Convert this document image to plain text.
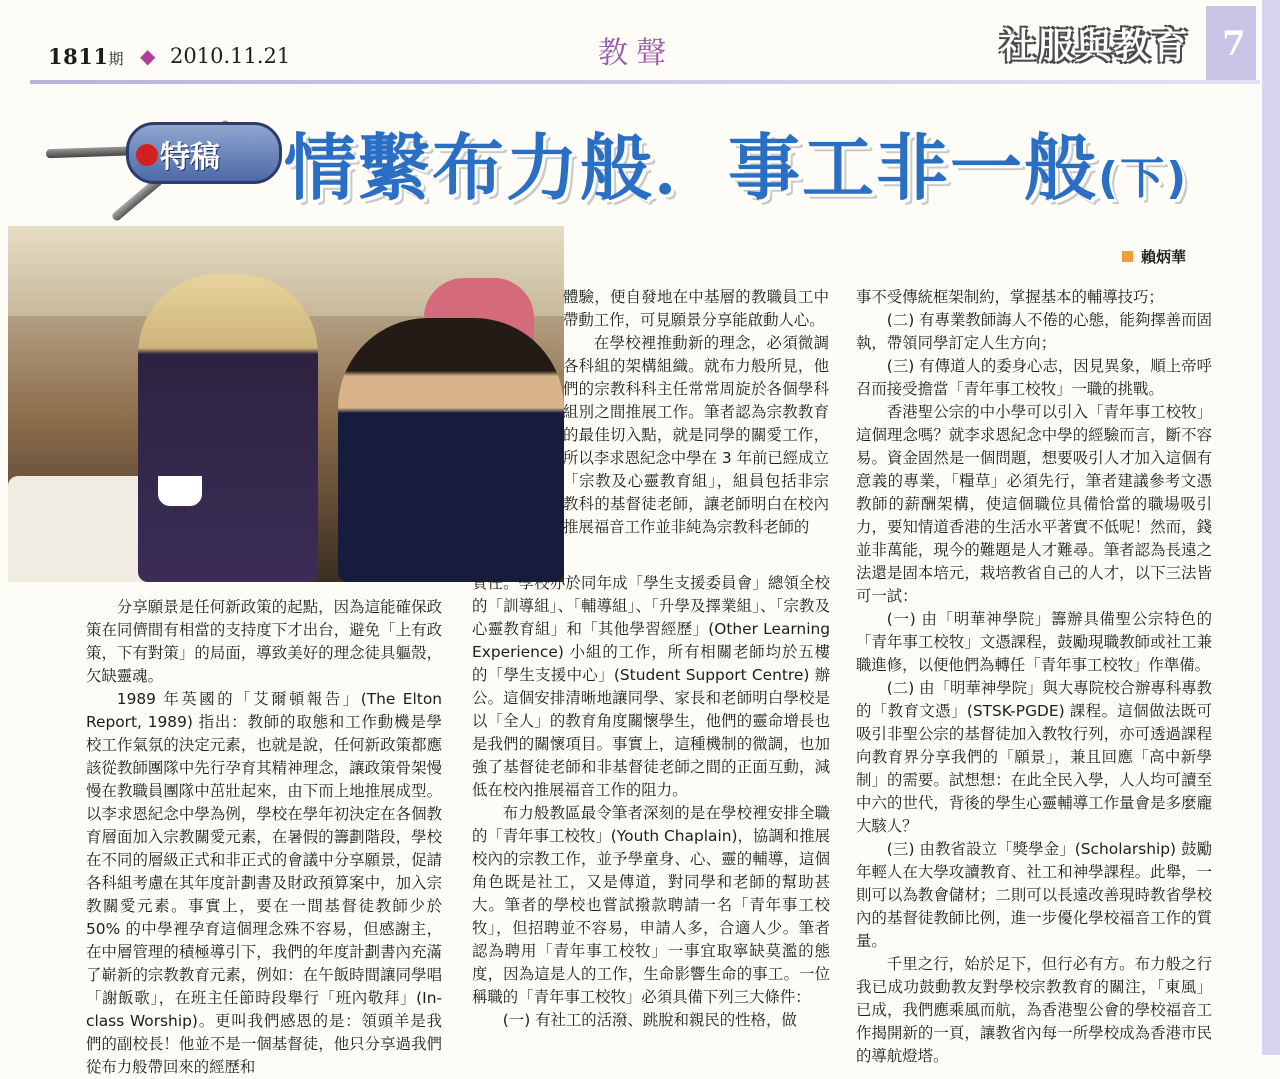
1811期 ◆ 2010.11.21	教聲	社服與教育 7
特稿 情繫布力般．事工非一般(下)
賴炳華

分享願景是任何新政策的起點，因為這能確保政策在同儕間有相當的支持度下才出台，避免「上有政策，下有對策」的局面，導致美好的理念徒具軀殼，欠缺靈魂。

1989 年英國的「艾爾頓報告」(The Elton Report, 1989) 指出：教師的取態和工作動機是學校工作氣氛的決定元素，也就是說，任何新政策都應該從教師團隊中先行孕育其精神理念，讓政策骨架慢慢在教職員團隊中茁壯起來，由下而上地推展成型。以李求恩紀念中學為例，學校在學年初決定在各個教育層面加入宗教關愛元素，在暑假的籌劃階段，學校在不同的層級正式和非正式的會議中分享願景，促請各科組考慮在其年度計劃書及財政預算案中，加入宗教關愛元素。事實上，要在一間基督徒教師少於 50% 的中學裡孕育這個理念殊不容易，但感謝主，在中層管理的積極導引下，我們的年度計劃書內充滿了嶄新的宗教教育元素，例如：在午飯時間讓同學唱「謝飯歌」，在班主任節時段舉行「班內敬拜」(In-class Worship)。更叫我們感恩的是：領頭羊是我們的副校長！他並不是一個基督徒，他只分享過我們從布力般帶回來的經歷和

體驗，便自發地在中基層的教職員工中帶動工作，可見願景分享能啟動人心。

在學校裡推動新的理念，必須微調各科組的架構組織。就布力般所見，他們的宗教科科主任常常周旋於各個學科組別之間推展工作。筆者認為宗教教育的最佳切入點，就是同學的關愛工作，所以李求恩紀念中學在 3 年前已經成立「宗教及心靈教育組」，組員包括非宗教科的基督徒老師，讓老師明白在校內推展福音工作並非純為宗教科老師的

責任。學校亦於同年成「學生支援委員會」總領全校的「訓導組」、「輔導組」、「升學及擇業組」、「宗教及心靈教育組」和「其他學習經歷」(Other Learning Experience) 小組的工作，所有相關老師均於五樓的「學生支援中心」(Student Support Centre) 辦公。這個安排清晰地讓同學、家長和老師明白學校是以「全人」的教育角度關懷學生，他們的靈命增長也是我們的關懷項目。事實上，這種機制的微調，也加強了基督徒老師和非基督徒老師之間的正面互動，減低在校內推展福音工作的阻力。

布力般教區最令筆者深刻的是在學校裡安排全職的「青年事工校牧」(Youth Chaplain)，協調和推展校內的宗教工作，並予學童身、心、靈的輔導，這個角色既是社工，又是傳道，對同學和老師的幫助甚大。筆者的學校也嘗試撥款聘請一名「青年事工校牧」，但招聘並不容易，申請人多，合適人少。筆者認為聘用「青年事工校牧」一事宜取寧缺莫濫的態度，因為這是人的工作，生命影響生命的事工。一位稱職的「青年事工校牧」必須具備下列三大條件：

(一) 有社工的活潑、跳脫和親民的性格，做

事不受傳統框架制約，掌握基本的輔導技巧；

(二) 有專業教師誨人不倦的心態，能夠擇善而固執，帶領同學訂定人生方向；

(三) 有傳道人的委身心志，因見異象，順上帝呼召而接受擔當「青年事工校牧」一職的挑戰。

香港聖公宗的中小學可以引入「青年事工校牧」這個理念嗎？就李求恩紀念中學的經驗而言，斷不容易。資金固然是一個問題，想要吸引人才加入這個有意義的專業，「糧草」必須先行，筆者建議參考文憑教師的薪酬架構，使這個職位具備恰當的職場吸引力，要知情道香港的生活水平著實不低呢！然而，錢並非萬能，現今的難題是人才難尋。筆者認為長遠之法還是固本培元，栽培教省自己的人才，以下三法皆可一試：

(一) 由「明華神學院」籌辦具備聖公宗特色的「青年事工校牧」文憑課程，鼓勵現職教師或社工兼職進修，以便他們為轉任「青年事工校牧」作準備。

(二) 由「明華神學院」與大專院校合辦專科專教的「教育文憑」(STSK-PGDE) 課程。這個做法既可吸引非聖公宗的基督徒加入教牧行列，亦可透過課程向教育界分享我們的「願景」，兼且回應「高中新學制」的需要。試想想：在此全民入學，人人均可讀至中六的世代，背後的學生心靈輔導工作量會是多麼龐大駭人？

(三) 由教省設立「獎學金」(Scholarship) 鼓勵年輕人在大學攻讀教育、社工和神學課程。此舉，一則可以為教會儲材；二則可以長遠改善現時教省學校內的基督徒教師比例，進一步優化學校福音工作的質量。

千里之行，始於足下，但行必有方。布力般之行我已成功鼓動教友對學校宗教教育的關注，「東風」已成，我們應乘風而航，為香港聖公會的學校福音工作揭開新的一頁，讓教省內每一所學校成為香港市民的導航燈塔。
